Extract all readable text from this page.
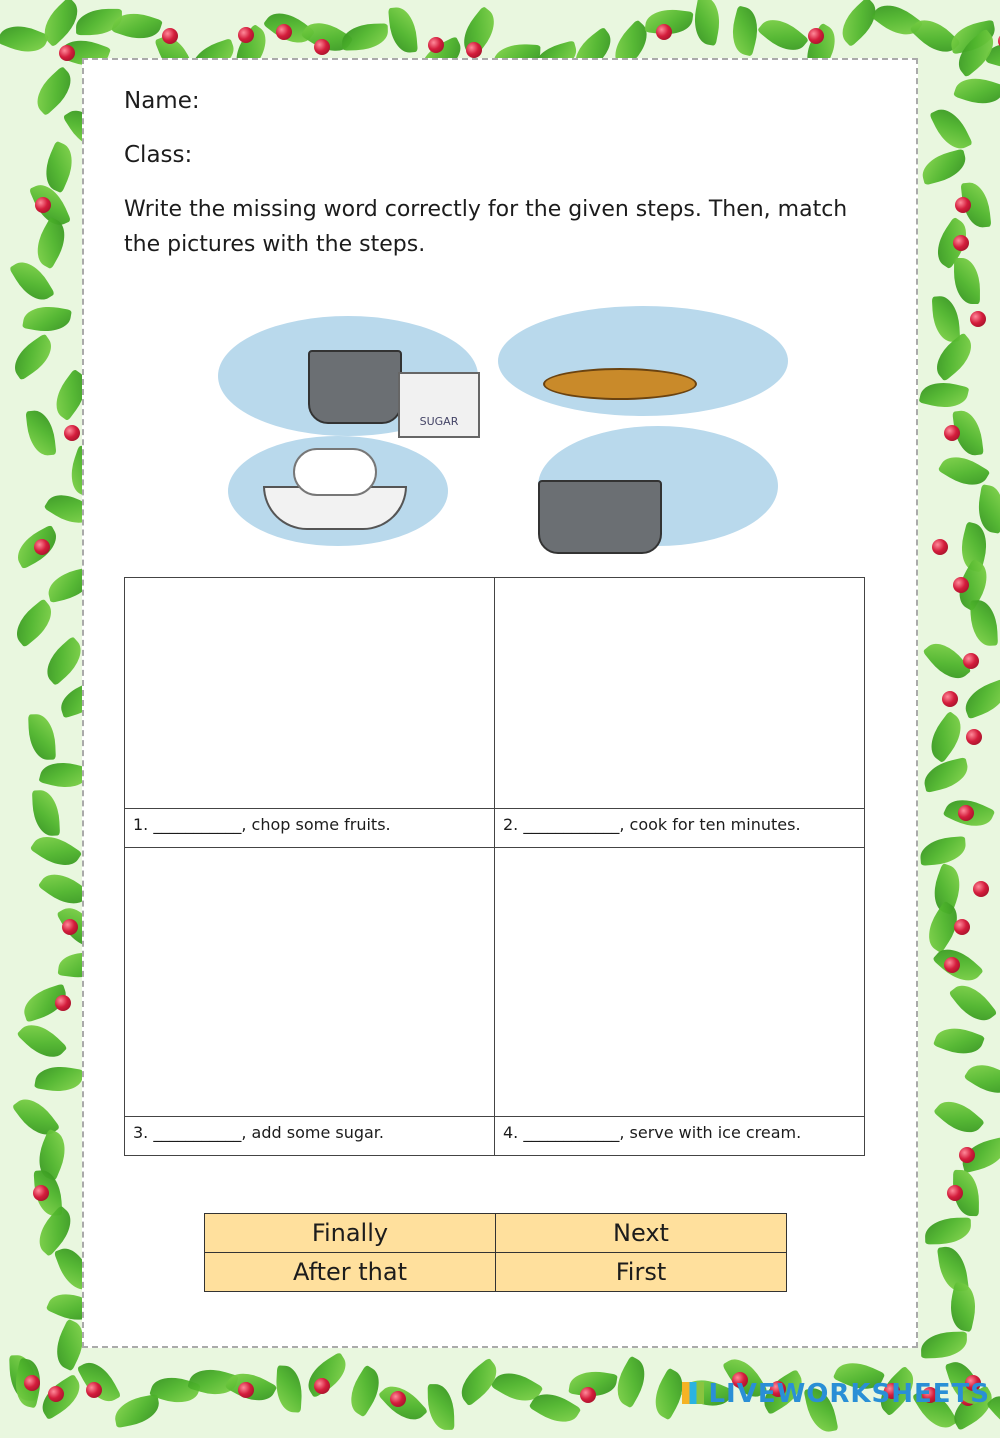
Name:
Class:
Write the missing word correctly for the given steps. Then, match the pictures with the steps.
SUGAR

1. ___________, chop some fruits.	2. ____________, cook for ten minutes.

3. ___________, add some sugar.	4. ____________, serve with ice cream.
Finally	Next
After that	First
LIVEWORKSHEETS
